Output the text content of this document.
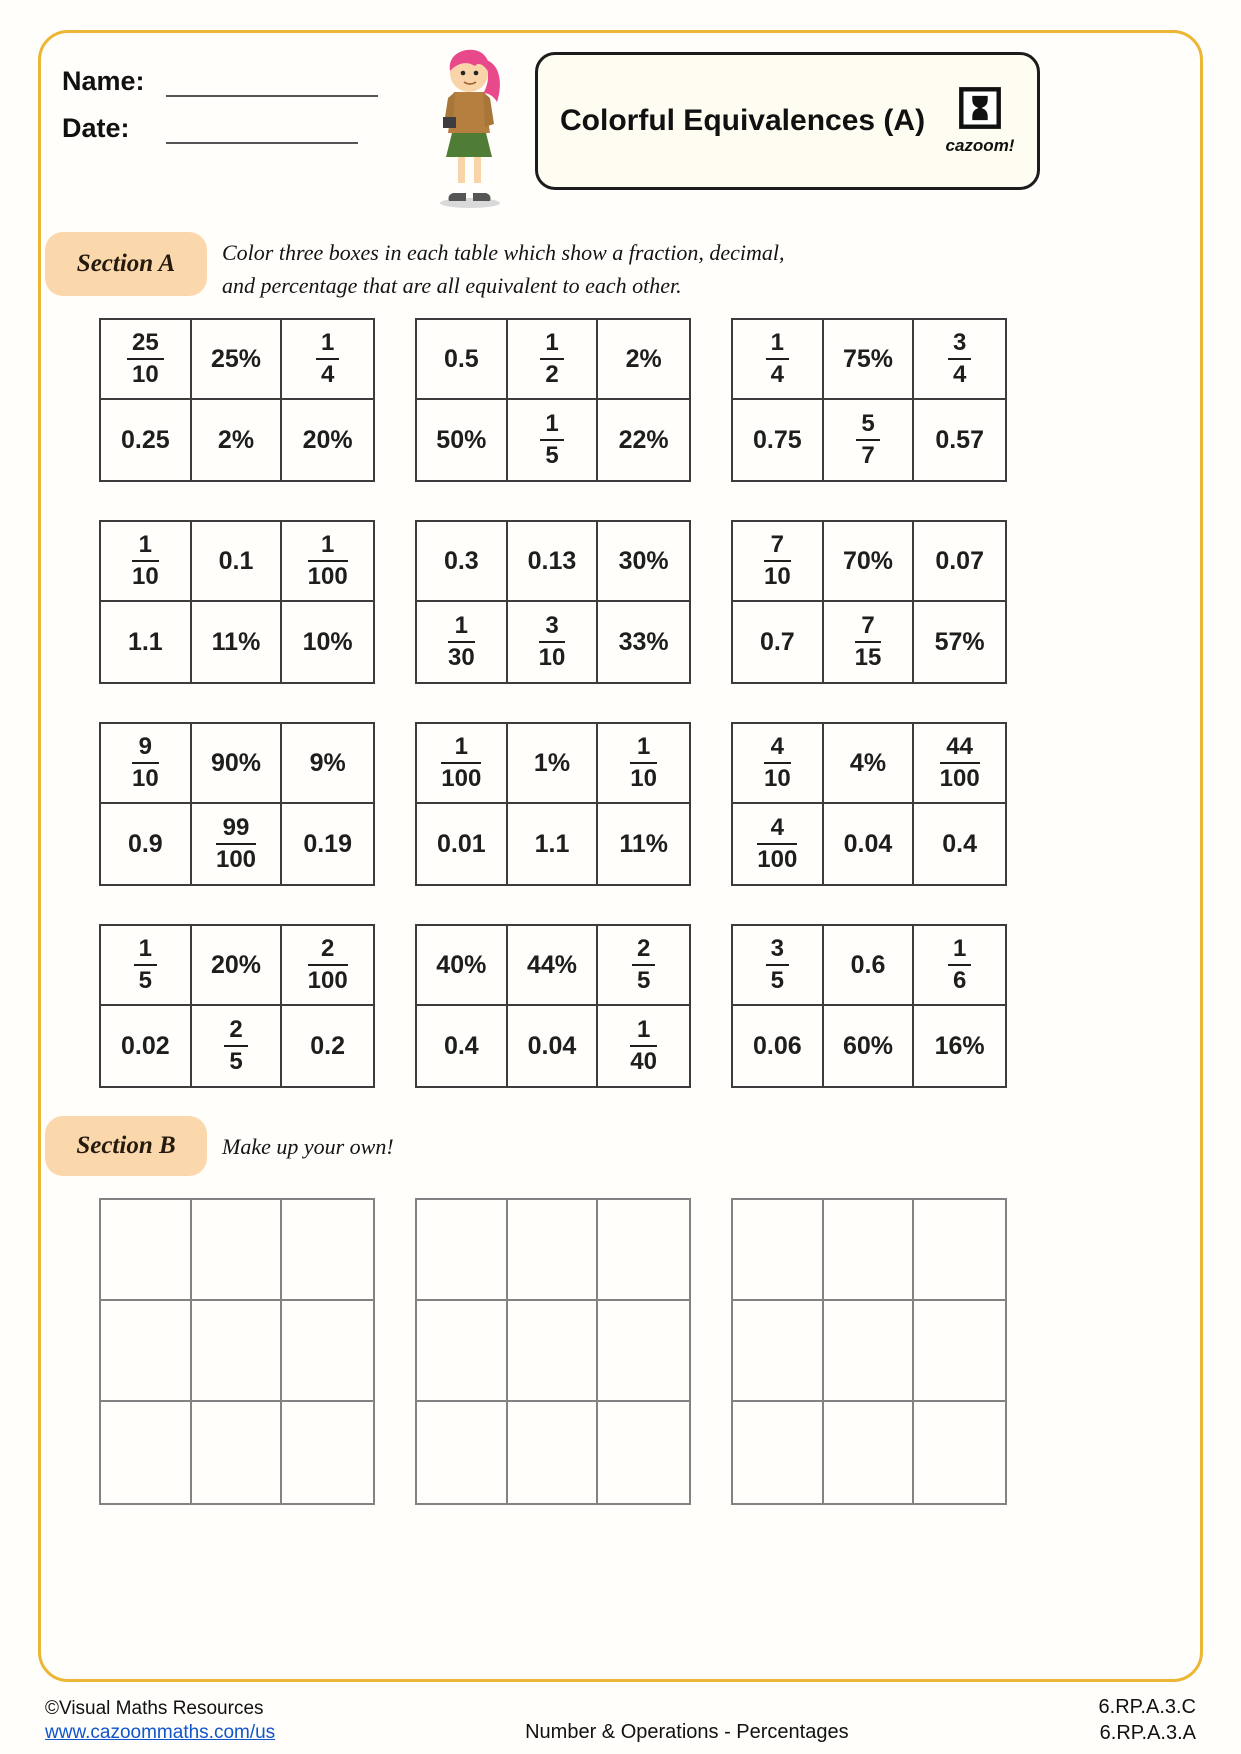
Name:
Date:	Colorful Equivalences (A)
cazoom!
Section A	Color three boxes in each table which show a fraction, decimal,
and percentage that are all equivalent to each other.
$\frac{25}{10} 25\% \frac{1}{4}$
0.25 2% 20%
0.5	$\frac{1}{2} 2\%$
$50\% \frac{1}{5} 22\%$
$\frac{1}{4} 75\% \frac{3}{4}$
$0.75 \frac{5}{7} 0.57$
$\frac{1}{10} 0.1 \frac{1}{100}$
1.1 11% 10%
0.3 0.13 30%
$\frac{1}{30}$	$\frac{3}{10} 33\%$
$\frac{7}{10} 70\%$ 0.07
$0.7 \frac{7}{15} 57\%$
$\frac{9}{10} 90\%$ 9%
$0.9 \frac{99}{100} 0.19$
$\frac{1}{100} 1\%$	$\frac{1}{10}$
0.01 1.1 11%
$\frac{4}{10} 4\% \frac{44}{100}$
$\frac{4}{100} 0.04$ 0.4
$\frac{1}{5} 20\% \frac{2}{100}$
$0.02 \frac{2}{5}$	0.2
40% $44\% \frac{2}{5}$
0.4 $0.04 \frac{1}{40}$
$\frac{3}{5} 0.6$	$\frac{1}{6}$
0.06 60% 16%
Section B	Make up your own!
©Visual Maths Resources
www.cazoommaths.com/us	Number & Operations - Percentages
6.RP.A.3.C
6.RP.A.3.A
